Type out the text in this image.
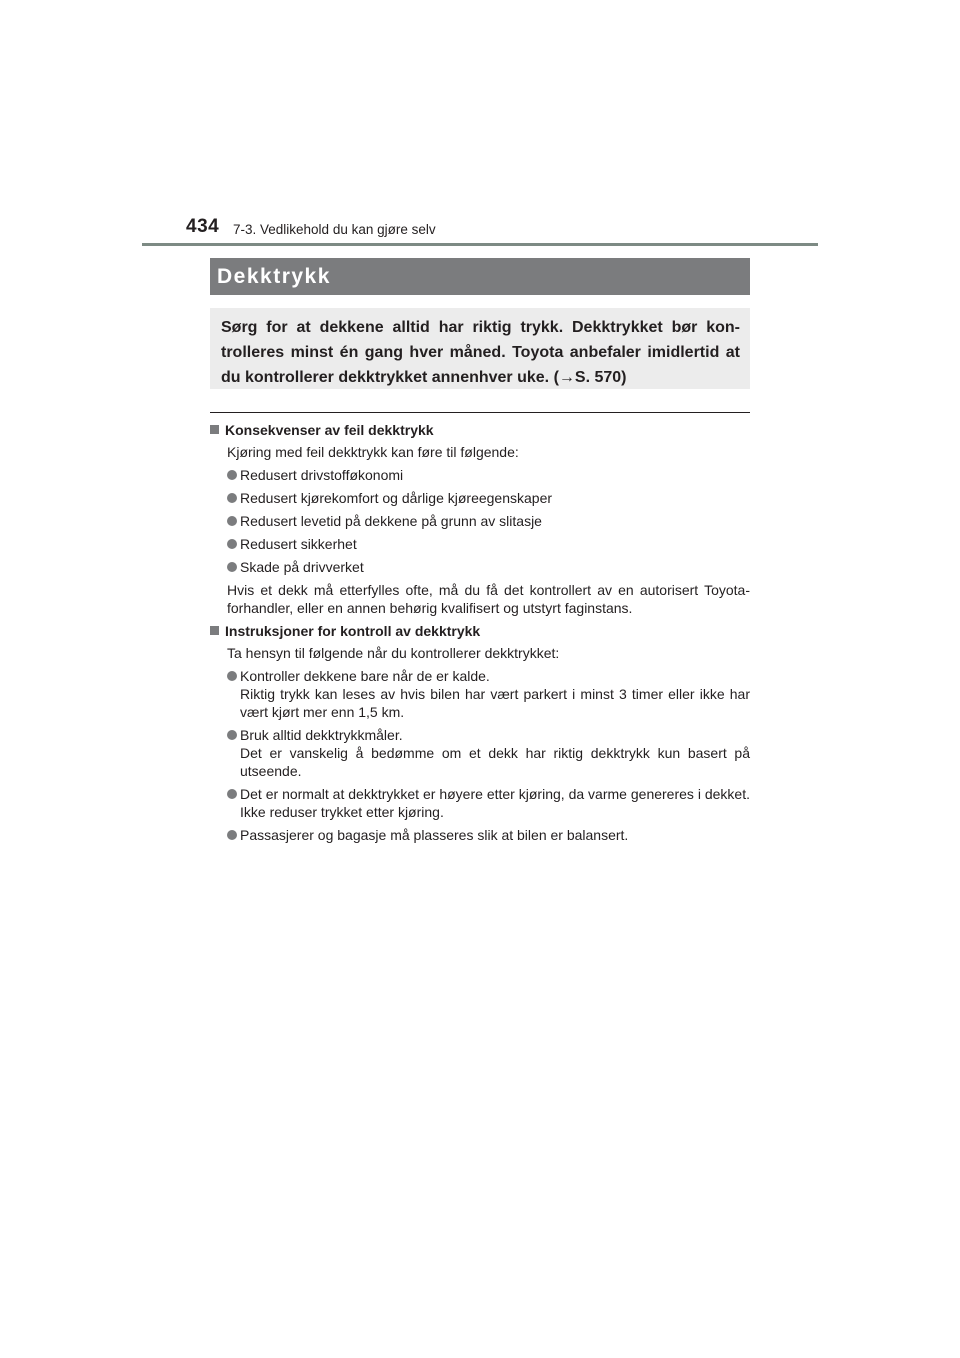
434 7-3. Vedlikehold du kan gjøre selv
Dekktrykk
Sørg for at dekkene alltid har riktig trykk. Dekktrykket bør kon-trolleres minst én gang hver måned. Toyota anbefaler imidlertid at du kontrollerer dekktrykket annenhver uke. (→S. 570)
Konsekvenser av feil dekktrykk
Kjøring med feil dekktrykk kan føre til følgende:
Redusert drivstofføkonomi
Redusert kjørekomfort og dårlige kjøreegenskaper
Redusert levetid på dekkene på grunn av slitasje
Redusert sikkerhet
Skade på drivverket
Hvis et dekk må etterfylles ofte, må du få det kontrollert av en autorisert Toyota-forhandler, eller en annen behørig kvalifisert og utstyrt faginstans.
Instruksjoner for kontroll av dekktrykk
Ta hensyn til følgende når du kontrollerer dekktrykket:
Kontroller dekkene bare når de er kalde.
Riktig trykk kan leses av hvis bilen har vært parkert i minst 3 timer eller ikke har vært kjørt mer enn 1,5 km.
Bruk alltid dekktrykkmåler.
Det er vanskelig å bedømme om et dekk har riktig dekktrykk kun basert på utseende.
Det er normalt at dekktrykket er høyere etter kjøring, da varme genereres i dekket. Ikke reduser trykket etter kjøring.
Passasjerer og bagasje må plasseres slik at bilen er balansert.
